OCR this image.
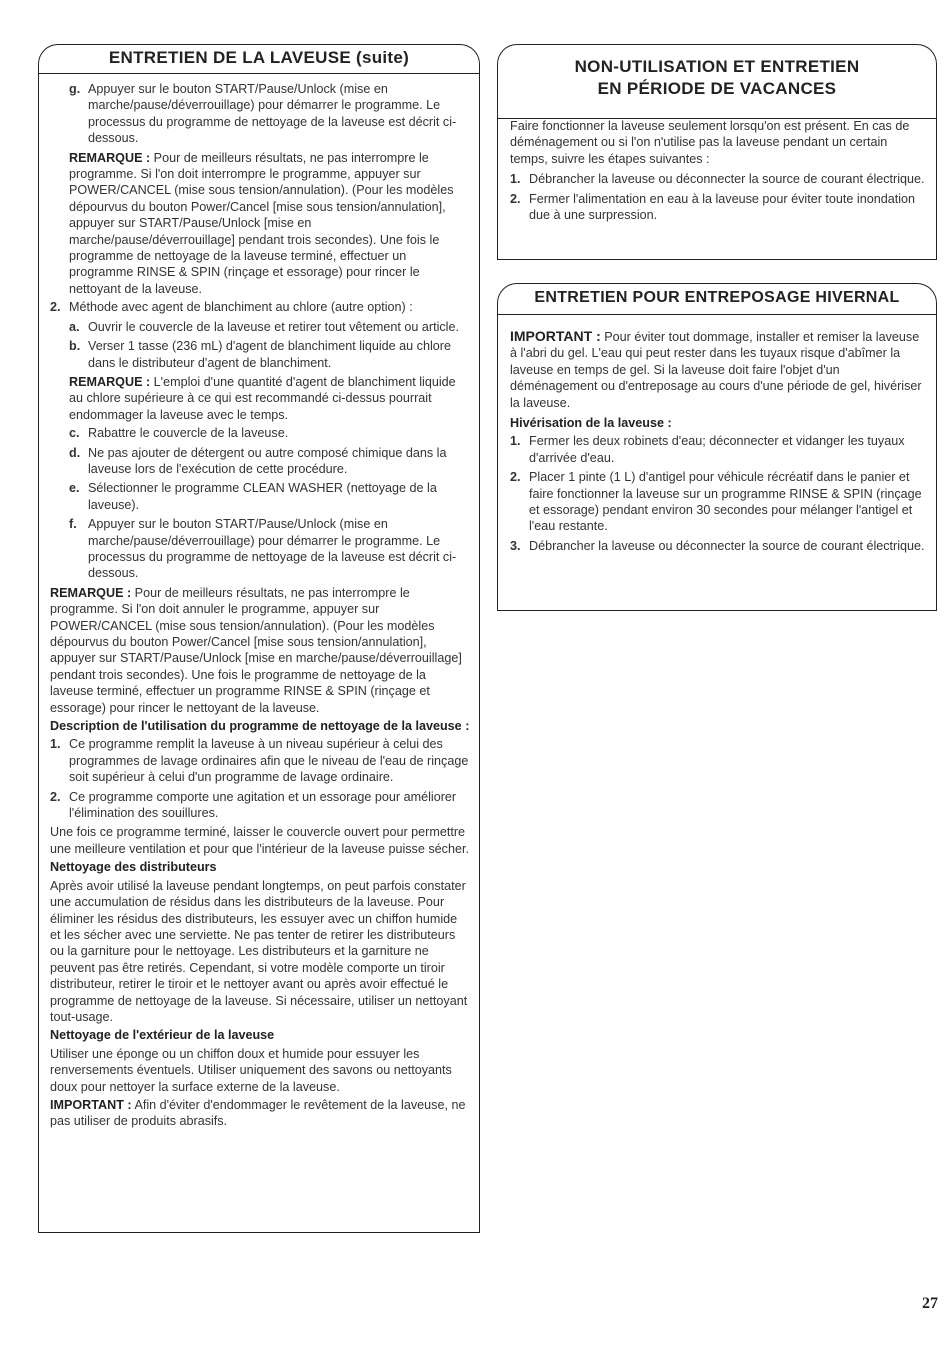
ENTRETIEN DE LA LAVEUSE (suite)
g. Appuyer sur le bouton START/Pause/Unlock (mise en marche/pause/déverrouillage) pour démarrer le programme. Le processus du programme de nettoyage de la laveuse est décrit ci-dessous.

REMARQUE : Pour de meilleurs résultats, ne pas interrompre le programme. Si l'on doit interrompre le programme, appuyer sur POWER/CANCEL (mise sous tension/annulation). (Pour les modèles dépourvus du bouton Power/Cancel [mise sous tension/annulation], appuyer sur START/Pause/Unlock [mise en marche/pause/déverrouillage] pendant trois secondes). Une fois le programme de nettoyage de la laveuse terminé, effectuer un programme RINSE & SPIN (rinçage et essorage) pour rincer le nettoyant de la laveuse.

2. Méthode avec agent de blanchiment au chlore (autre option) :
a. Ouvrir le couvercle de la laveuse et retirer tout vêtement ou article.
b. Verser 1 tasse (236 mL) d'agent de blanchiment liquide au chlore dans le distributeur d'agent de blanchiment.

REMARQUE : L'emploi d'une quantité d'agent de blanchiment liquide au chlore supérieure à ce qui est recommandé ci-dessus pourrait endommager la laveuse avec le temps.

c. Rabattre le couvercle de la laveuse.
d. Ne pas ajouter de détergent ou autre composé chimique dans la laveuse lors de l'exécution de cette procédure.
e. Sélectionner le programme CLEAN WASHER (nettoyage de la laveuse).
f. Appuyer sur le bouton START/Pause/Unlock (mise en marche/pause/déverrouillage) pour démarrer le programme. Le processus du programme de nettoyage de la laveuse est décrit ci-dessous.

REMARQUE : Pour de meilleurs résultats, ne pas interrompre le programme. Si l'on doit annuler le programme, appuyer sur POWER/CANCEL (mise sous tension/annulation). (Pour les modèles dépourvus du bouton Power/Cancel [mise sous tension/annulation], appuyer sur START/Pause/Unlock [mise en marche/pause/déverrouillage] pendant trois secondes). Une fois le programme de nettoyage de la laveuse terminé, effectuer un programme RINSE & SPIN (rinçage et essorage) pour rincer le nettoyant de la laveuse.

Description de l'utilisation du programme de nettoyage de la laveuse :
1. Ce programme remplit la laveuse à un niveau supérieur à celui des programmes de lavage ordinaires afin que le niveau de l'eau de rinçage soit supérieur à celui d'un programme de lavage ordinaire.
2. Ce programme comporte une agitation et un essorage pour améliorer l'élimination des souillures.

Une fois ce programme terminé, laisser le couvercle ouvert pour permettre une meilleure ventilation et pour que l'intérieur de la laveuse puisse sécher.

Nettoyage des distributeurs

Après avoir utilisé la laveuse pendant longtemps, on peut parfois constater une accumulation de résidus dans les distributeurs de la laveuse. Pour éliminer les résidus des distributeurs, les essuyer avec un chiffon humide et les sécher avec une serviette. Ne pas tenter de retirer les distributeurs ou la garniture pour le nettoyage. Les distributeurs et la garniture ne peuvent pas être retirés. Cependant, si votre modèle comporte un tiroir distributeur, retirer le tiroir et le nettoyer avant ou après avoir effectué le programme de nettoyage de la laveuse. Si nécessaire, utiliser un nettoyant tout-usage.

Nettoyage de l'extérieur de la laveuse

Utiliser une éponge ou un chiffon doux et humide pour essuyer les renversements éventuels. Utiliser uniquement des savons ou nettoyants doux pour nettoyer la surface externe de la laveuse.

IMPORTANT : Afin d'éviter d'endommager le revêtement de la laveuse, ne pas utiliser de produits abrasifs.

NON-UTILISATION ET ENTRETIEN
EN PÉRIODE DE VACANCES

Faire fonctionner la laveuse seulement lorsqu'on est présent. En cas de déménagement ou si l'on n'utilise pas la laveuse pendant un certain temps, suivre les étapes suivantes :

1. Débrancher la laveuse ou déconnecter la source de courant électrique.
2. Fermer l'alimentation en eau à la laveuse pour éviter toute inondation due à une surpression.
ENTRETIEN POUR ENTREPOSAGE HIVERNAL

IMPORTANT : Pour éviter tout dommage, installer et remiser la laveuse à l'abri du gel. L'eau qui peut rester dans les tuyaux risque d'abîmer la laveuse en temps de gel. Si la laveuse doit faire l'objet d'un déménagement ou d'entreposage au cours d'une période de gel, hivériser la laveuse.

Hivérisation de la laveuse :
1. Fermer les deux robinets d'eau; déconnecter et vidanger les tuyaux d'arrivée d'eau.
2. Placer 1 pinte (1 L) d'antigel pour véhicule récréatif dans le panier et faire fonctionner la laveuse sur un programme RINSE & SPIN (rinçage et essorage) pendant environ 30 secondes pour mélanger l'antigel et l'eau restante.
3. Débrancher la laveuse ou déconnecter la source de courant électrique.
27
